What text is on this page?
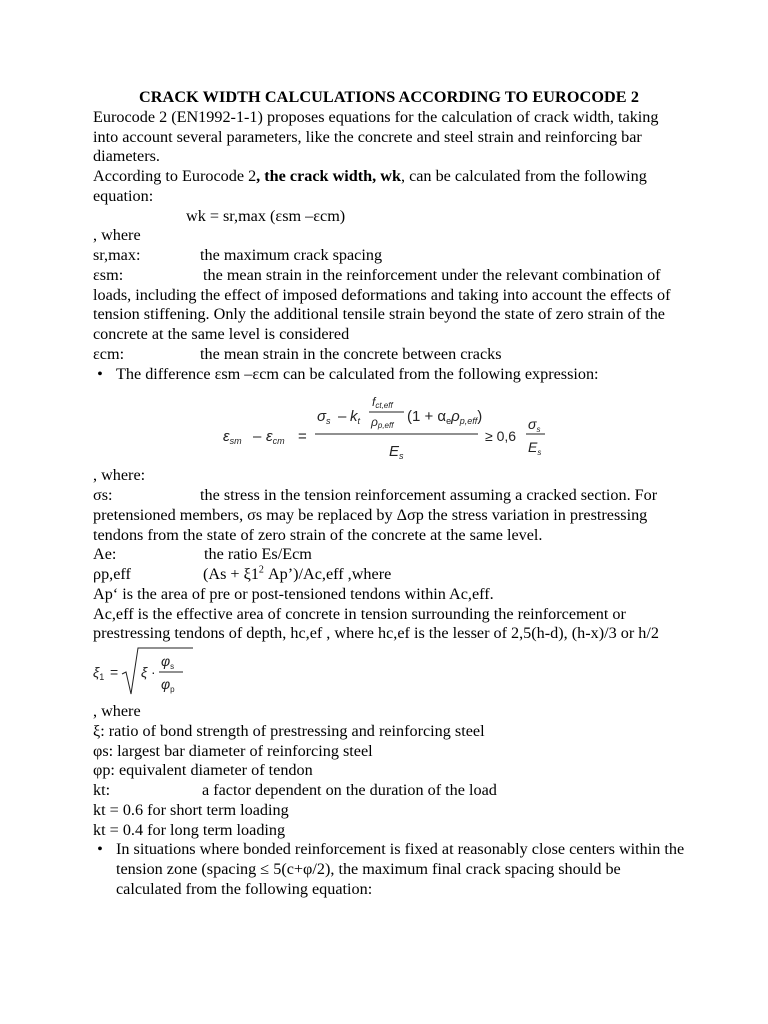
CRACK WIDTH CALCULATIONS ACCORDING TO EUROCODE 2

Eurocode 2 (EN1992-1-1) proposes equations for the calculation of crack width, taking into account several parameters, like the concrete and steel strain and reinforcing bar diameters.

According to Eurocode 2, the crack width, wk, can be calculated from the following equation:

wk = sr,max (εsm –εcm)

, where

sr,max:	the maximum crack spacing

εsm:	the mean strain in the reinforcement under the relevant combination of loads, including the effect of imposed deformations and taking into account the effects of tension stiffening. Only the additional tensile strain beyond the state of zero strain of the concrete at the same level is considered

εcm:	the mean strain in the concrete between cracks

• The difference εsm –εcm can be calculated from the following expression:

$\varepsilon_{sm} - \varepsilon_{cm}$ =
$\sigma_s - k_t$
fct,eff
ρp,eff
$(1 + \alpha_e\rho_{p,eff})$
$E_s$
≥ 0,6
$\sigma_s$
$E_s$

, where:

σs:	the stress in the tension reinforcement assuming a cracked section. For pretensioned members, σs may be replaced by Δσp the stress variation in prestressing tendons from the state of zero strain of the concrete at the same level.

Ae:	the ratio Es/Ecm

ρp,eff	($As + \xi 1^2$ Ap’)/Ac,eff ,where

Ap‘ is the area of pre or post-tensioned tendons within Ac,eff.

Ac,eff is the effective area of concrete in tension surrounding the reinforcement or prestressing tendons of depth, hc,ef , where hc,ef is the lesser of 2,5(h-d), (h-x)/3 or h/2

$\xi_1 = \xi$ ·
$\varphi_s$
$\varphi_p$

, where

ξ: ratio of bond strength of prestressing and reinforcing steel

φs: largest bar diameter of reinforcing steel

φp: equivalent diameter of tendon

kt:	a factor dependent on the duration of the load

kt = 0.6 for short term loading

kt = 0.4 for long term loading

• In situations where bonded reinforcement is fixed at reasonably close centers within the tension zone (spacing ≤ 5(c+φ/2), the maximum final crack spacing should be calculated from the following equation:
